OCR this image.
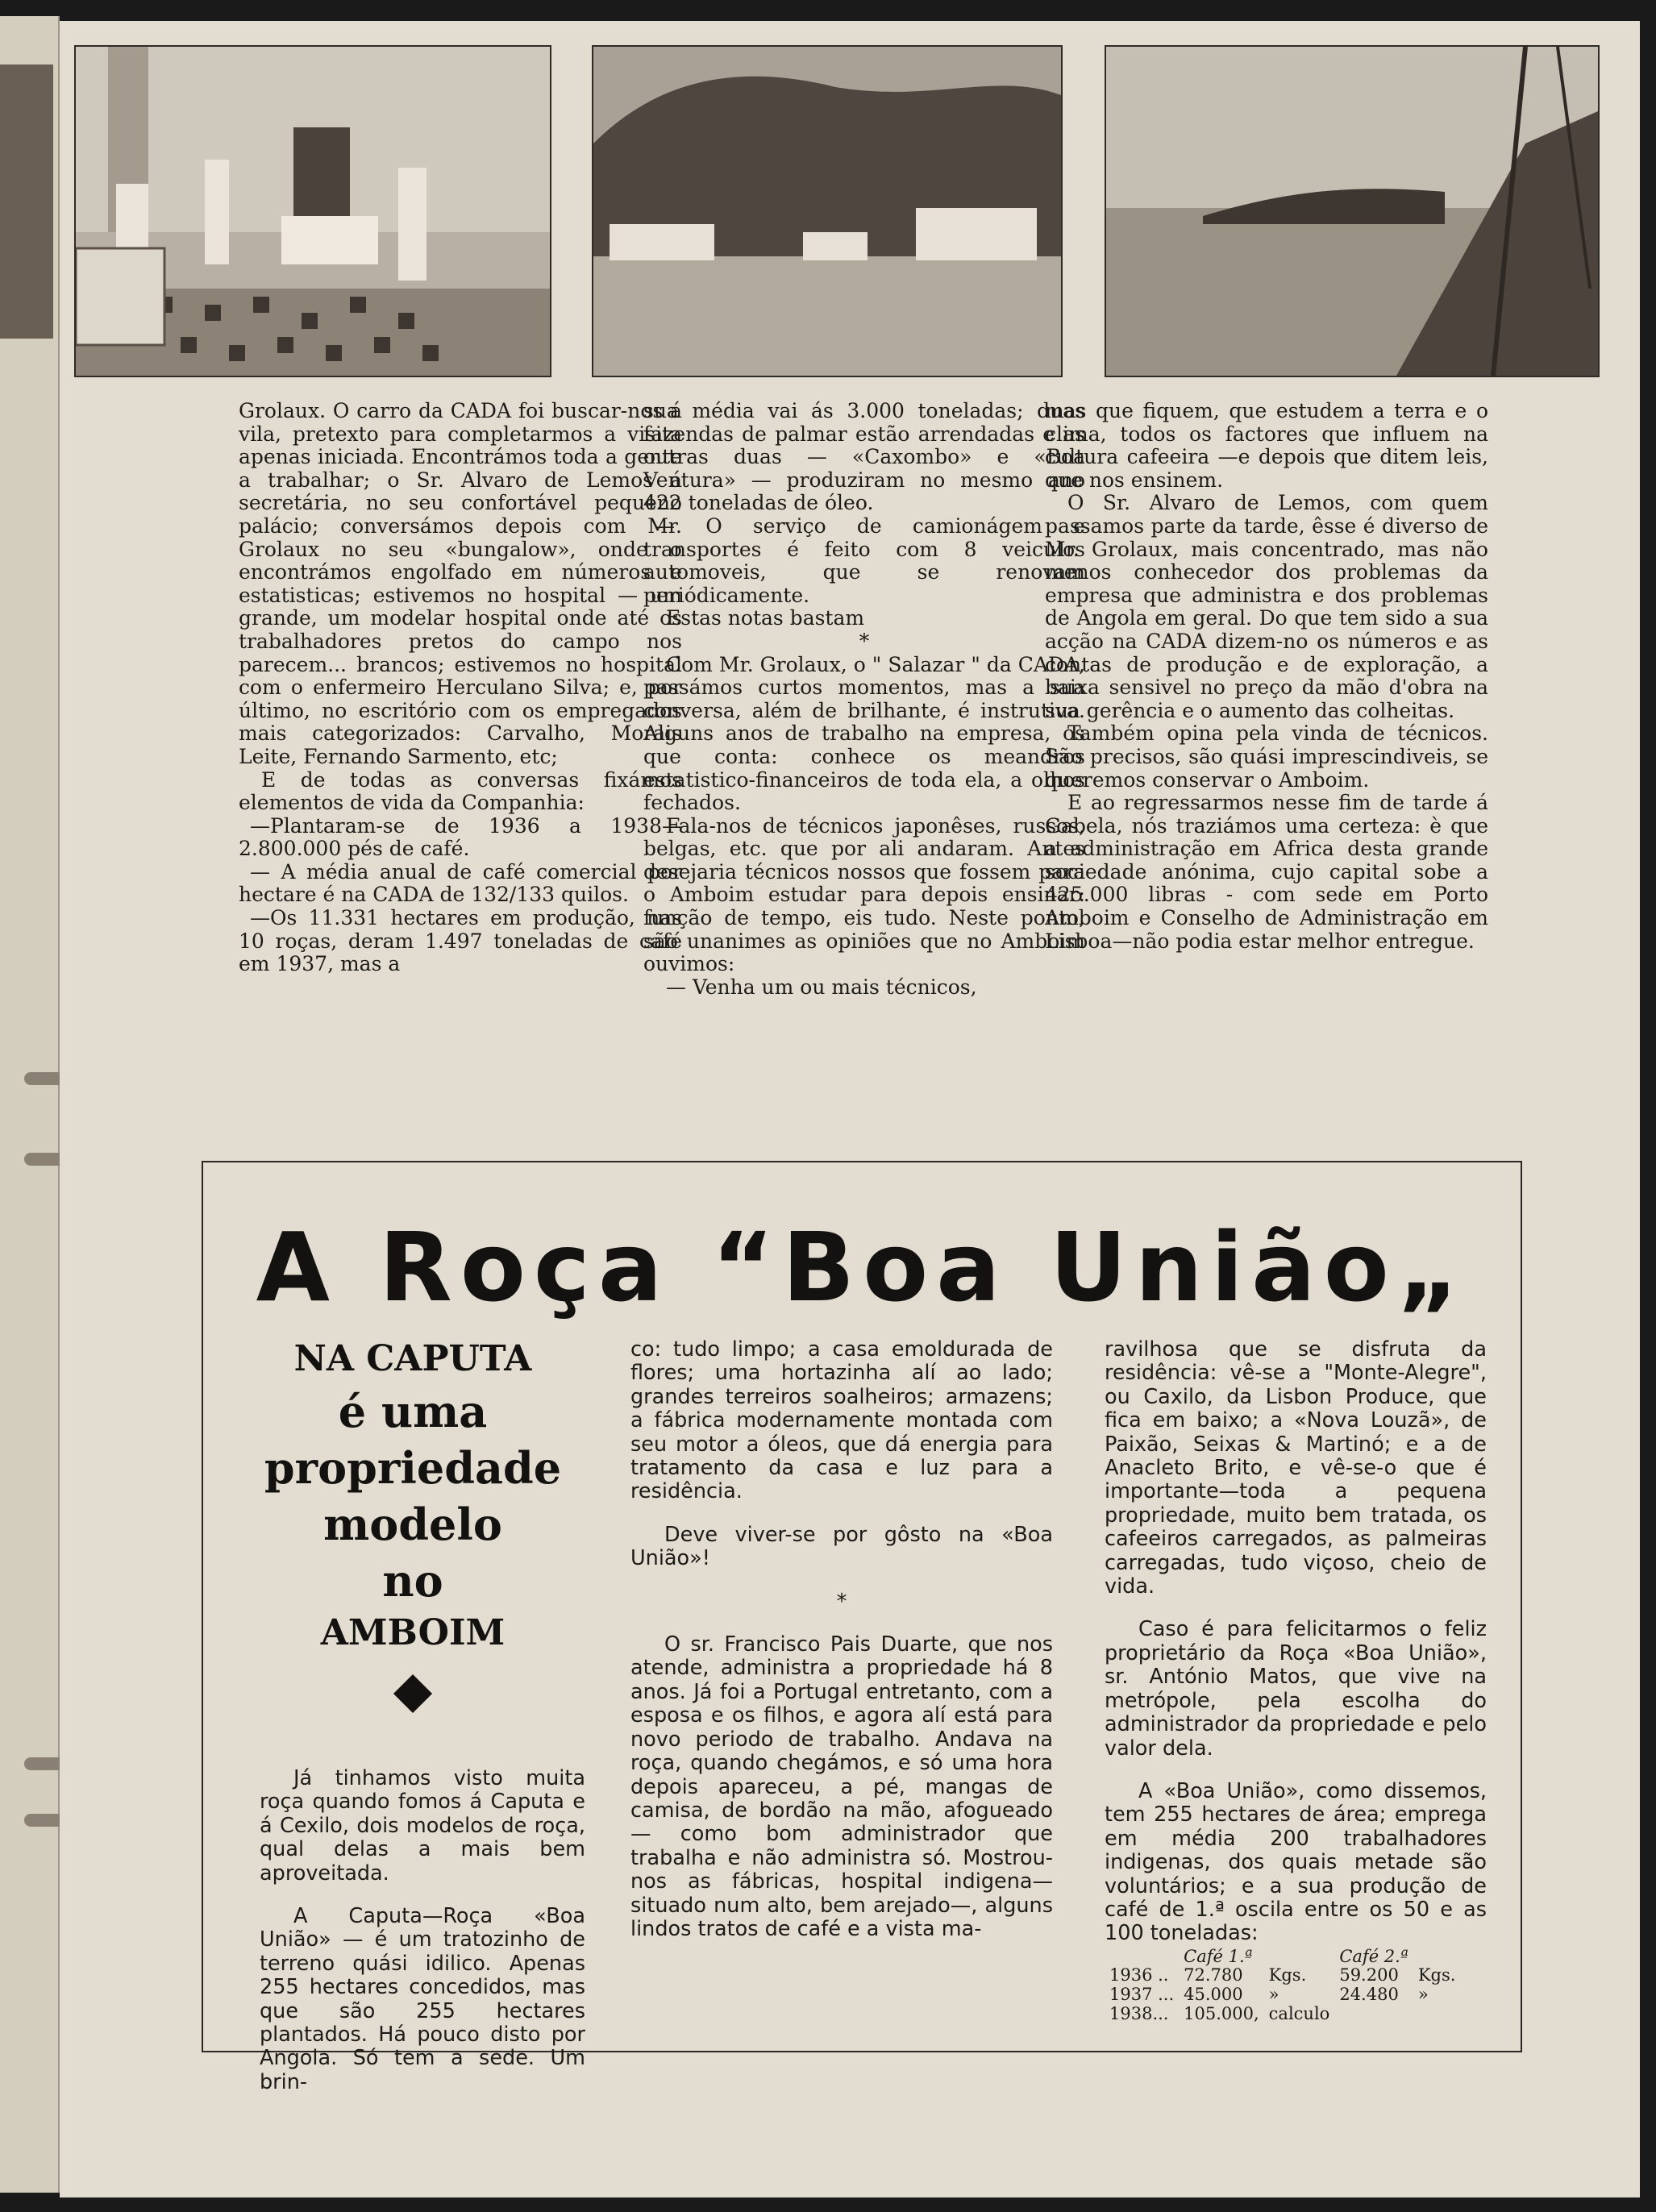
Grolaux. O carro da CADA foi buscar-nos á vila, pretexto para completarmos a visita apenas iniciada. Encontrámos toda a gente a trabalhar; o Sr. Alvaro de Lemos á secretária, no seu confortável pequeno palácio; conversámos depois com Mr. Grolaux no seu «bungalow», onde o encontrámos engolfado em números e estatisticas; estivemos no hospital — um grande, um modelar hospital onde até os trabalhadores pretos do campo nos parecem... brancos; estivemos no hospital com o enfermeiro Herculano Silva; e, por último, no escritório com os empregados mais categorizados: Carvalho, Morais Leite, Fernando Sarmento, etc;

E de todas as conversas fixámos elementos de vida da Companhia:

—Plantaram-se de 1936 a 1938— 2.800.000 pés de café.

— A média anual de café comercial por hectare é na CADA de 132/133 quilos.

—Os 11.331 hectares em produção, nas 10 roças, deram 1.497 toneladas de café em 1937, mas a

sua média vai ás 3.000 toneladas; duas fazendas de palmar estão arrendadas e as outras duas — «Caxombo» e «Boa Ventura» — produziram no mesmo ano 422 toneladas de óleo.

— O serviço de camionágem e transportes é feito com 8 veiculos automoveis, que se renovam periódicamente.

Estas notas bastam

*

Com Mr. Grolaux, o " Salazar " da CADA, passámos curtos momentos, mas a sua conversa, além de brilhante, é instrutiva. Alguns anos de trabalho na empresa, os que conta: conhece os meandros estatistico-financeiros de toda ela, a olhos fechados.

Fala-nos de técnicos japonêses, russos, belgas, etc. que por ali andaram. Antes desejaria técnicos nossos que fossem para o Amboim estudar para depois ensinar: função de tempo, eis tudo. Neste ponto, são unanimes as opiniões que no Amboim ouvimos:

— Venha um ou mais técnicos,

mas que fiquem, que estudem a terra e o clima, todos os factores que influem na cultura cafeeira —e depois que ditem leis, que nos ensinem.

O Sr. Alvaro de Lemos, com quem passamos parte da tarde, êsse é diverso de Mr. Grolaux, mais concentrado, mas não menos conhecedor dos problemas da empresa que administra e dos problemas de Angola em geral. Do que tem sido a sua acção na CADA dizem-no os números e as contas de produção e de exploração, a baixa sensivel no preço da mão d'obra na sua gerência e o aumento das colheitas.

Também opina pela vinda de técnicos. São precisos, são quási imprescindiveis, se queremos conservar o Amboim.

E ao regressarmos nesse fim de tarde á Gabela, nós traziámos uma certeza: è que a administração em Africa desta grande sociedade anónima, cujo capital sobe a 425.000 libras - com sede em Porto Amboim e Conselho de Administração em Lisboa—não podia estar melhor entregue.

A Roça “Boa União„
NA CAPUTA
é uma
propriedade
modelo
no
AMBOIM

Já tinhamos visto muita roça quando fomos á Caputa e á Cexilo, dois modelos de roça, qual delas a mais bem aproveitada.

A Caputa—Roça «Boa União» — é um tratozinho de terreno quási idilico. Apenas 255 hectares concedidos, mas que são 255 hectares plantados. Há pouco disto por Angola. Só tem a sede. Um brin-

co: tudo limpo; a casa emoldurada de flores; uma hortazinha alí ao lado; grandes terreiros soalheiros; armazens; a fábrica modernamente montada com seu motor a óleos, que dá energia para tratamento da casa e luz para a residência.

Deve viver-se por gôsto na «Boa União»!

*

O sr. Francisco Pais Duarte, que nos atende, administra a propriedade há 8 anos. Já foi a Portugal entretanto, com a esposa e os filhos, e agora alí está para novo periodo de trabalho. Andava na roça, quando chegámos, e só uma hora depois apareceu, a pé, mangas de camisa, de bordão na mão, afogueado — como bom administrador que trabalha e não administra só. Mostrou-nos as fábricas, hospital indigena—situado num alto, bem arejado—, alguns lindos tratos de café e a vista ma-

ravilhosa que se disfruta da residência: vê-se a "Monte-Alegre", ou Caxilo, da Lisbon Produce, que fica em baixo; a «Nova Louzã», de Paixão, Seixas & Martinó; e a de Anacleto Brito, e vê-se-o que é importante—toda a pequena propriedade, muito bem tratada, os cafeeiros carregados, as palmeiras carregadas, tudo viçoso, cheio de vida.

Caso é para felicitarmos o feliz proprietário da Roça «Boa União», sr. António Matos, que vive na metrópole, pela escolha do administrador da propriedade e pelo valor dela.

A «Boa União», como dissemos, tem 255 hectares de área; emprega em média 200 trabalhadores indigenas, dos quais metade são voluntários; e a sua produção de café de 1.ª oscila entre os 50 e as 100 toneladas:

	Café 1.ª		Café 2.ª	
1936 ..	72.780	Kgs.	59.200	Kgs.
1937 ...	45.000	»	24.480	»
1938...	105.000,	calculo		
